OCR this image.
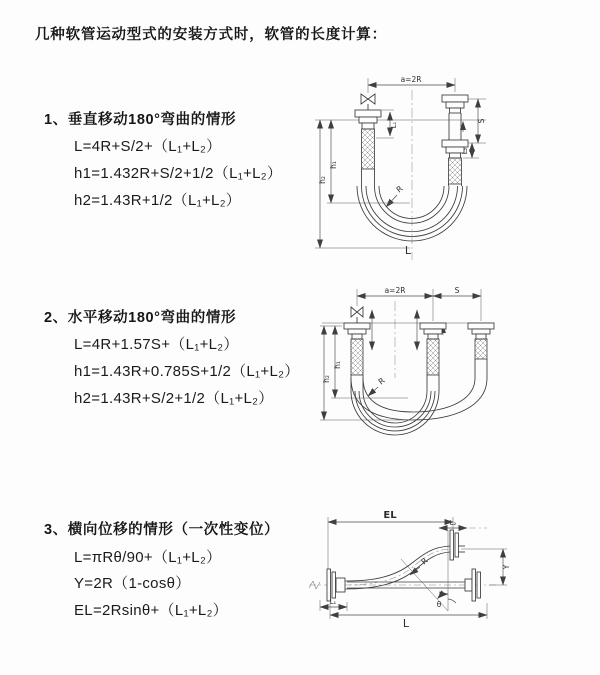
几种软管运动型式的安装方式时，软管的长度计算：
1、垂直移动180°弯曲的情形
L=4R+S/2+（L₁+L₂）
h1=1.432R+S/2+1/2（L₁+L₂）
h2=1.43R+1/2（L₁+L₂）
a=2R
R
L
h₁
h₂
L₁
S
L₂
2、水平移动180°弯曲的情形
L=4R+1.57S+（L₁+L₂）
h1=1.43R+0.785S+1/2（L₁+L₂）
h2=1.43R+S/2+1/2（L₁+L₂）
a=2R	S
R
h₁
h₂
3、横向位移的情形（一次性变位）
L=πRθ/90+（L₁+L₂）
Y=2R（1-cosθ）
EL=2Rsinθ+（L₁+L₂）
EL
L₂
Y
R
θ
L₁
L
